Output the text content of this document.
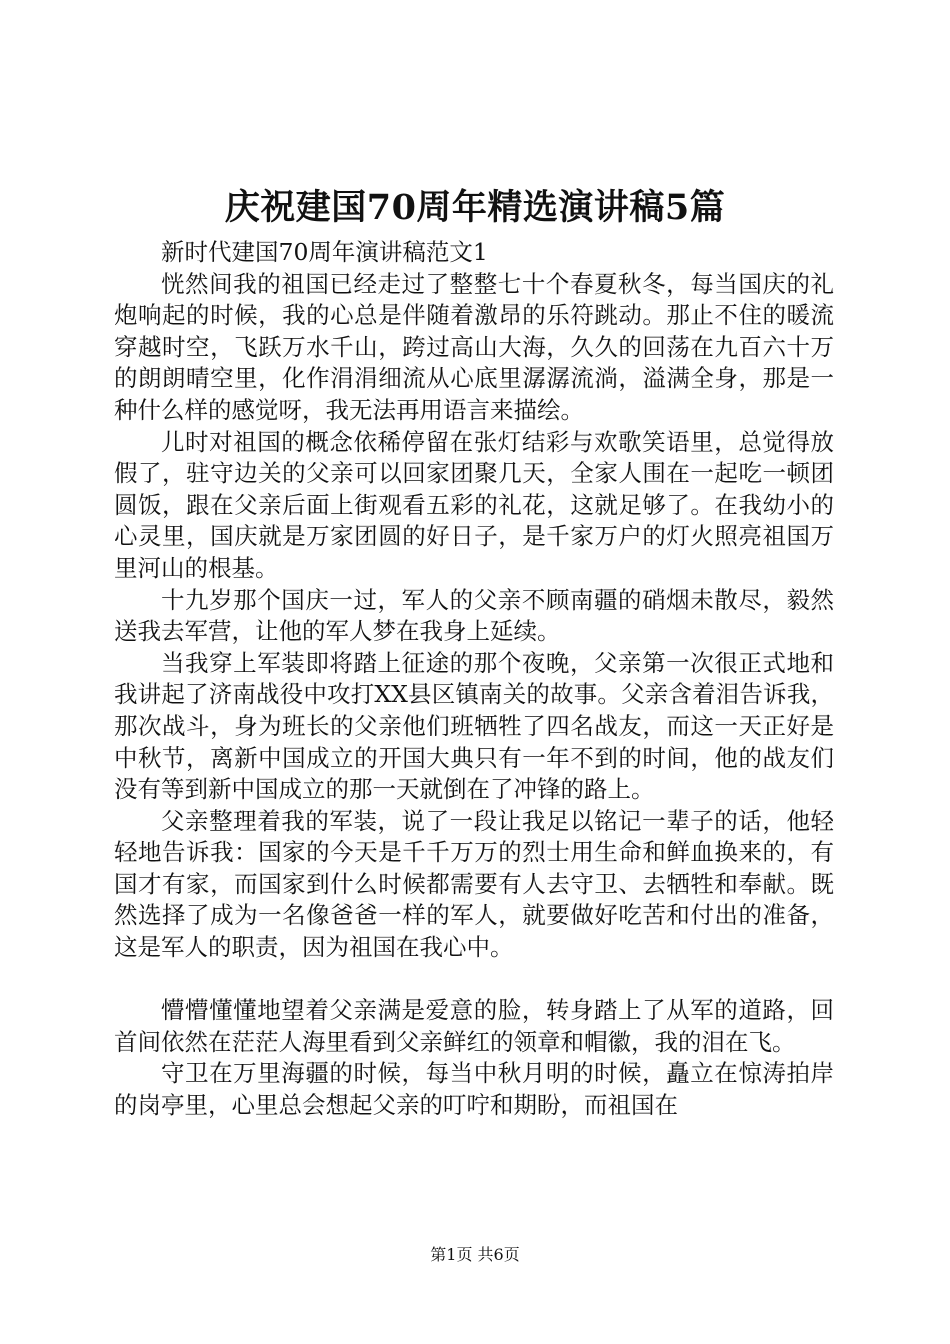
庆祝建国70周年精选演讲稿5篇

新时代建国70周年演讲稿范文1

恍然间我的祖国已经走过了整整七十个春夏秋冬，每当国庆的礼炮响起的时候，我的心总是伴随着激昂的乐符跳动。那止不住的暖流穿越时空，飞跃万水千山，跨过高山大海，久久的回荡在九百六十万的朗朗晴空里，化作涓涓细流从心底里潺潺流淌，溢满全身，那是一种什么样的感觉呀，我无法再用语言来描绘。

儿时对祖国的概念依稀停留在张灯结彩与欢歌笑语里，总觉得放假了，驻守边关的父亲可以回家团聚几天，全家人围在一起吃一顿团圆饭，跟在父亲后面上街观看五彩的礼花，这就足够了。在我幼小的心灵里，国庆就是万家团圆的好日子，是千家万户的灯火照亮祖国万里河山的根基。

十九岁那个国庆一过，军人的父亲不顾南疆的硝烟未散尽，毅然送我去军营，让他的军人梦在我身上延续。

当我穿上军装即将踏上征途的那个夜晚，父亲第一次很正式地和我讲起了济南战役中攻打XX县区镇南关的故事。父亲含着泪告诉我，那次战斗，身为班长的父亲他们班牺牲了四名战友，而这一天正好是中秋节，离新中国成立的开国大典只有一年不到的时间，他的战友们没有等到新中国成立的那一天就倒在了冲锋的路上。

父亲整理着我的军装，说了一段让我足以铭记一辈子的话，他轻轻地告诉我：国家的今天是千千万万的烈士用生命和鲜血换来的，有国才有家，而国家到什么时候都需要有人去守卫、去牺牲和奉献。既然选择了成为一名像爸爸一样的军人，就要做好吃苦和付出的准备，这是军人的职责，因为祖国在我心中。

懵懵懂懂地望着父亲满是爱意的脸，转身踏上了从军的道路，回首间依然在茫茫人海里看到父亲鲜红的领章和帽徽，我的泪在飞。

守卫在万里海疆的时候，每当中秋月明的时候，矗立在惊涛拍岸的岗亭里，心里总会想起父亲的叮咛和期盼，而祖国在

第1页 共6页
